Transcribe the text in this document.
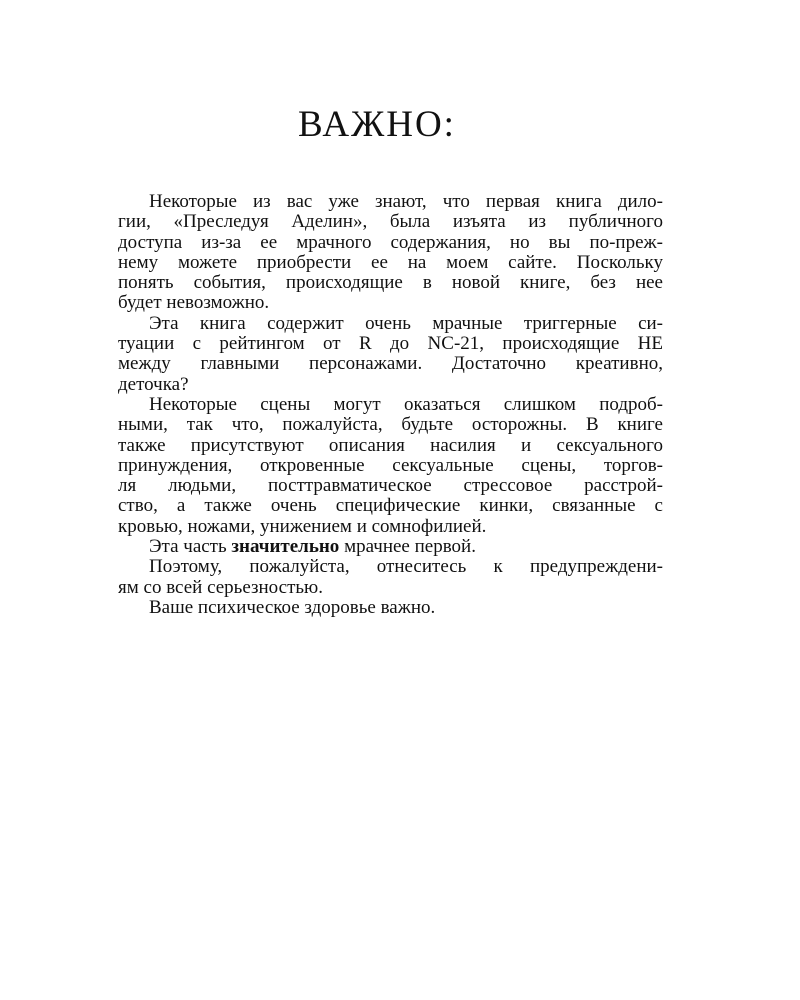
ВАЖНО:

Некоторые из вас уже знают, что первая книга дило-
гии, «Преследуя Аделин», была изъята из публичного
доступа из-за ее мрачного содержания, но вы по-преж-
нему можете приобрести ее на моем сайте. Поскольку
понять события, происходящие в новой книге, без нее
будет невозможно.

Эта книга содержит очень мрачные триггерные си-
туации с рейтингом от R до NC-21, происходящие НЕ
между главными персонажами. Достаточно креативно,
деточка?

Некоторые сцены могут оказаться слишком подроб-
ными, так что, пожалуйста, будьте осторожны. В книге
также присутствуют описания насилия и сексуального
принуждения, откровенные сексуальные сцены, торгов-
ля людьми, посттравматическое стрессовое расстрой-
ство, а также очень специфические кинки, связанные с
кровью, ножами, унижением и сомнофилией.

Эта часть значительно мрачнее первой.

Поэтому, пожалуйста, отнеситесь к предупреждени-
ям со всей серьезностью.

Ваше психическое здоровье важно.
